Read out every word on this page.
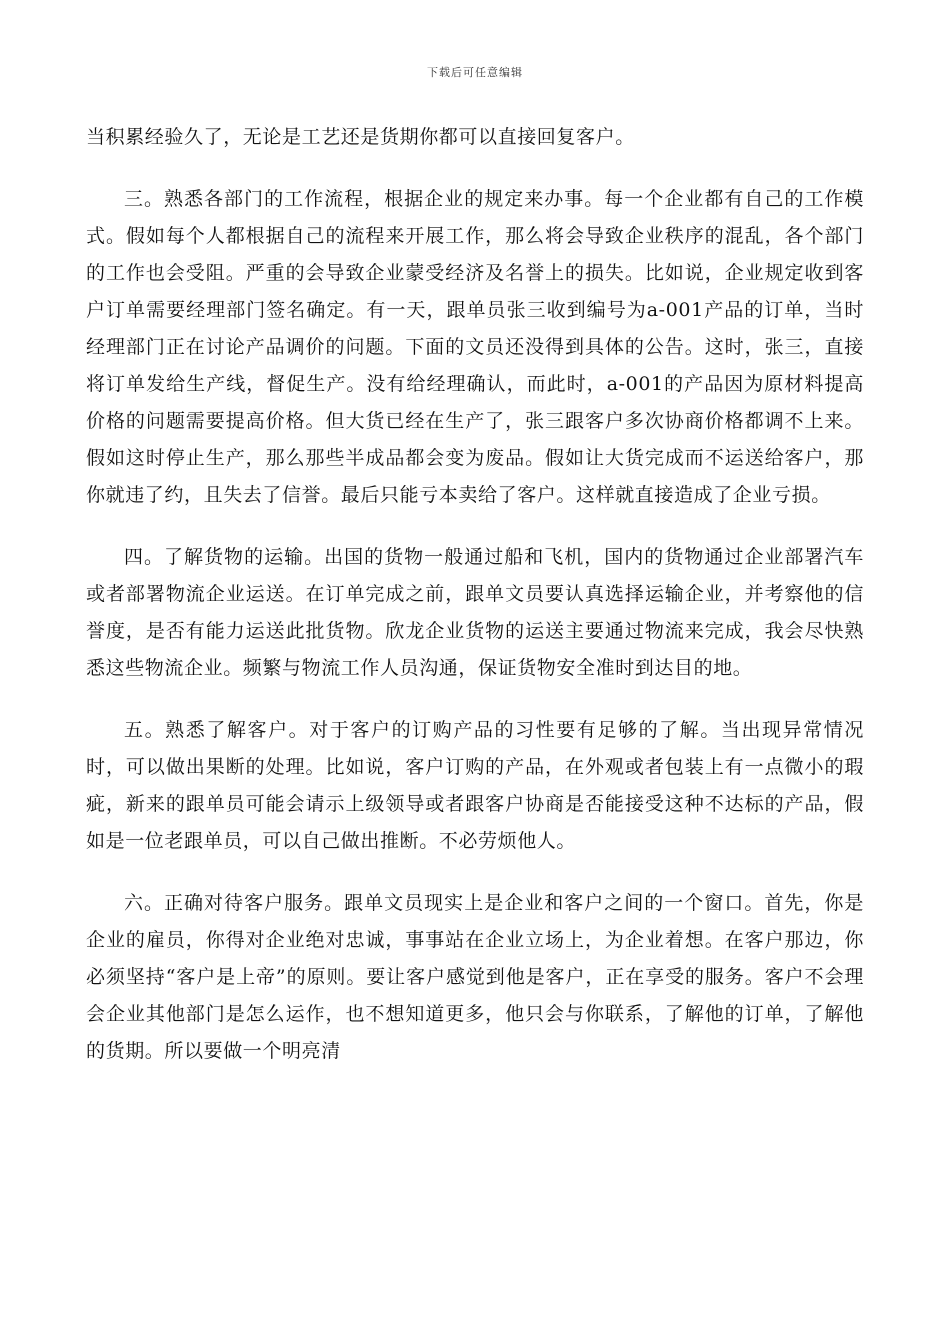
下载后可任意编辑

当积累经验久了，无论是工艺还是货期你都可以直接回复客户。

三。熟悉各部门的工作流程，根据企业的规定来办事。每一个企业都有自己的工作模式。假如每个人都根据自己的流程来开展工作，那么将会导致企业秩序的混乱，各个部门的工作也会受阻。严重的会导致企业蒙受经济及名誉上的损失。比如说，企业规定收到客户订单需要经理部门签名确定。有一天，跟单员张三收到编号为a-001产品的订单，当时经理部门正在讨论产品调价的问题。下面的文员还没得到具体的公告。这时，张三，直接将订单发给生产线，督促生产。没有给经理确认，而此时，a-001的产品因为原材料提高价格的问题需要提高价格。但大货已经在生产了，张三跟客户多次协商价格都调不上来。假如这时停止生产，那么那些半成品都会变为废品。假如让大货完成而不运送给客户，那你就违了约，且失去了信誉。最后只能亏本卖给了客户。这样就直接造成了企业亏损。

四。了解货物的运输。出国的货物一般通过船和飞机，国内的货物通过企业部署汽车或者部署物流企业运送。在订单完成之前，跟单文员要认真选择运输企业，并考察他的信誉度，是否有能力运送此批货物。欣龙企业货物的运送主要通过物流来完成，我会尽快熟悉这些物流企业。频繁与物流工作人员沟通，保证货物安全准时到达目的地。

五。熟悉了解客户。对于客户的订购产品的习性要有足够的了解。当出现异常情况时，可以做出果断的处理。比如说，客户订购的产品，在外观或者包装上有一点微小的瑕疵，新来的跟单员可能会请示上级领导或者跟客户协商是否能接受这种不达标的产品，假如是一位老跟单员，可以自己做出推断。不必劳烦他人。

六。正确对待客户服务。跟单文员现实上是企业和客户之间的一个窗口。首先，你是企业的雇员，你得对企业绝对忠诚，事事站在企业立场上，为企业着想。在客户那边，你必须坚持“客户是上帝”的原则。要让客户感觉到他是客户，正在享受的服务。客户不会理会企业其他部门是怎么运作，也不想知道更多，他只会与你联系，了解他的订单，了解他的货期。所以要做一个明亮清
